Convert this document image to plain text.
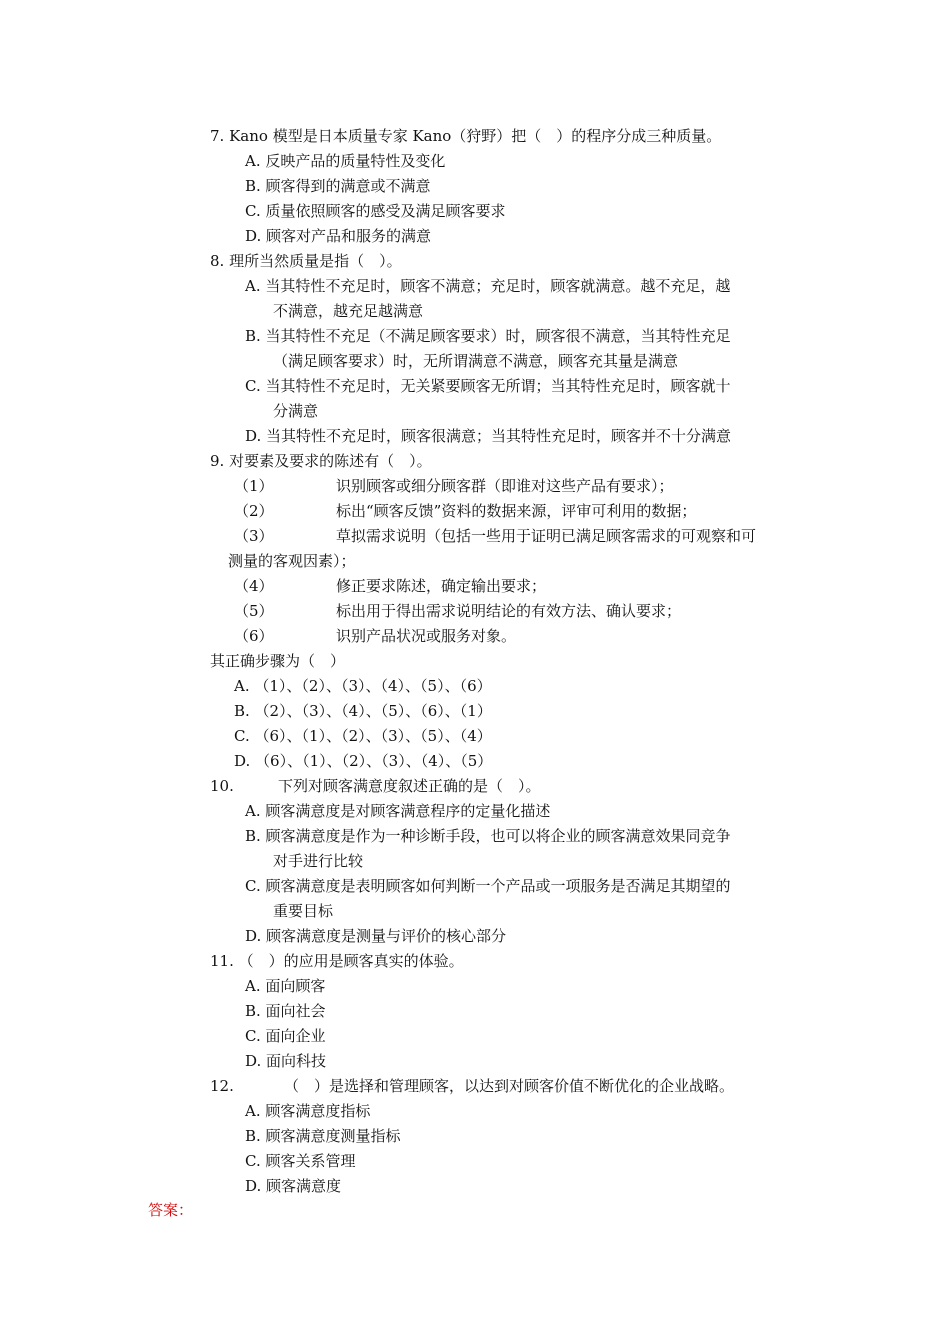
7. Kano 模型是日本质量专家 Kano（狩野）把（　）的程序分成三种质量。
A. 反映产品的质量特性及变化
B. 顾客得到的满意或不满意
C. 质量依照顾客的感受及满足顾客要求
D. 顾客对产品和服务的满意
8. 理所当然质量是指（　）。
A. 当其特性不充足时，顾客不满意；充足时，顾客就满意。越不充足，越
不满意，越充足越满意
B. 当其特性不充足（不满足顾客要求）时，顾客很不满意，当其特性充足
（满足顾客要求）时，无所谓满意不满意，顾客充其量是满意
C. 当其特性不充足时，无关紧要顾客无所谓；当其特性充足时，顾客就十
分满意
D. 当其特性不充足时，顾客很满意；当其特性充足时，顾客并不十分满意
9. 对要素及要求的陈述有（　）。
（1）	识别顾客或细分顾客群（即谁对这些产品有要求）；
（2）	标出“顾客反馈”资料的数据来源，评审可利用的数据；
（3）	草拟需求说明（包括一些用于证明已满足顾客需求的可观察和可
测量的客观因素）；
（4）	修正要求陈述，确定输出要求；
（5）	标出用于得出需求说明结论的有效方法、确认要求；
（6）	识别产品状况或服务对象。
其正确步骤为（　）
A. （1）、（2）、（3）、（4）、（5）、（6）
B. （2）、（3）、（4）、（5）、（6）、（1）
C. （6）、（1）、（2）、（3）、（5）、（4）
D. （6）、（1）、（2）、（3）、（4）、（5）
10.	下列对顾客满意度叙述正确的是（　）。
A. 顾客满意度是对顾客满意程序的定量化描述
B. 顾客满意度是作为一种诊断手段，也可以将企业的顾客满意效果同竞争
对手进行比较
C. 顾客满意度是表明顾客如何判断一个产品或一项服务是否满足其期望的
重要目标
D. 顾客满意度是测量与评价的核心部分
11. （　）的应用是顾客真实的体验。
A. 面向顾客
B. 面向社会
C. 面向企业
D. 面向科技
12.	（　）是选择和管理顾客，以达到对顾客价值不断优化的企业战略。
A. 顾客满意度指标
B. 顾客满意度测量指标
C. 顾客关系管理
D. 顾客满意度
答案：
